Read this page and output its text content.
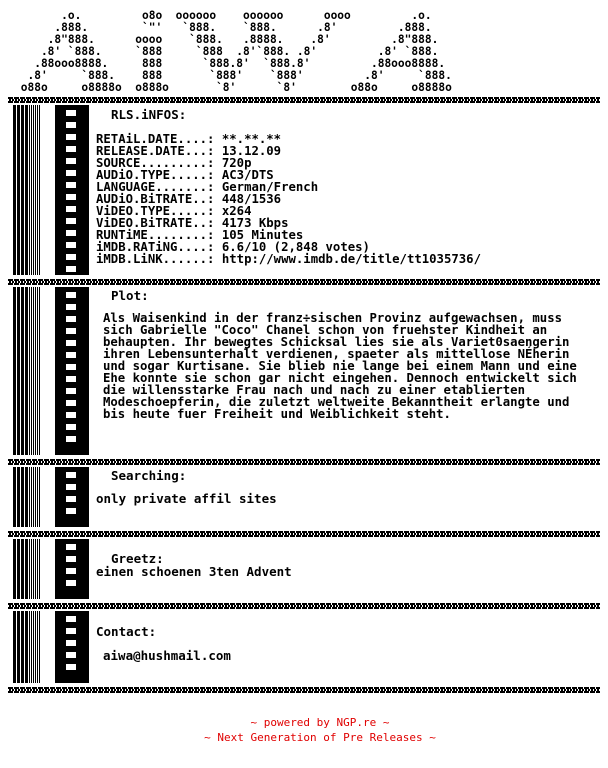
.o.         o8o  oooooo    oooooo      oooo         .o.
.888.        `"'   `888.    `888.      .8'         .888.
.8"888.      oooo    `888.   .8888.    .8'         .8"888.
.8' `888.     `888     `888  .8'`888. .8'         .8' `888.
.88ooo8888.     888      `888.8'  `888.8'         .88ooo8888.
.8'     `888.    888       `888'    `888'         .8'     `888.
o88o     o8888o  o888o       `8'      `8'        o88o     o8888o
RLS.iNFOS:
RETAiL.DATE....: **.**.**
RELEASE.DATE...: 13.12.09
SOURCE.........: 720p
AUDiO.TYPE.....: AC3/DTS
LANGUAGE.......: German/French
AUDiO.BiTRATE..: 448/1536
ViDEO.TYPE.....: x264
ViDEO.BiTRATE..: 4173 Kbps
RUNTiME........: 105 Minutes
iMDB.RATiNG....: 6.6/10 (2,848 votes)
iMDB.LiNK......: http://www.imdb.de/title/tt1035736/
Plot:
Als Waisenkind in der franz÷sischen Provinz aufgewachsen, muss sich Gabrielle "Coco" Chanel schon von fruehster Kindheit an behaupten. Ihr bewegtes Schicksal lies sie als Variet0saengerin ihren Lebensunterhalt verdienen, spaeter als mittellose NÉherin und sogar Kurtisane. Sie blieb nie lange bei einem Mann und eine Ehe konnte sie schon gar nicht eingehen. Dennoch entwickelt sich die willensstarke Frau nach und nach zu einer etablierten Modeschoepferin, die zuletzt weltweite Bekanntheit erlangte und bis heute fuer Freiheit und Weiblichkeit steht.
Searching:
only private affil sites
Greetz:
einen schoenen 3ten Advent
Contact:
aiwa@hushmail.com
~ powered by NGP.re ~
~ Next Generation of Pre Releases ~
